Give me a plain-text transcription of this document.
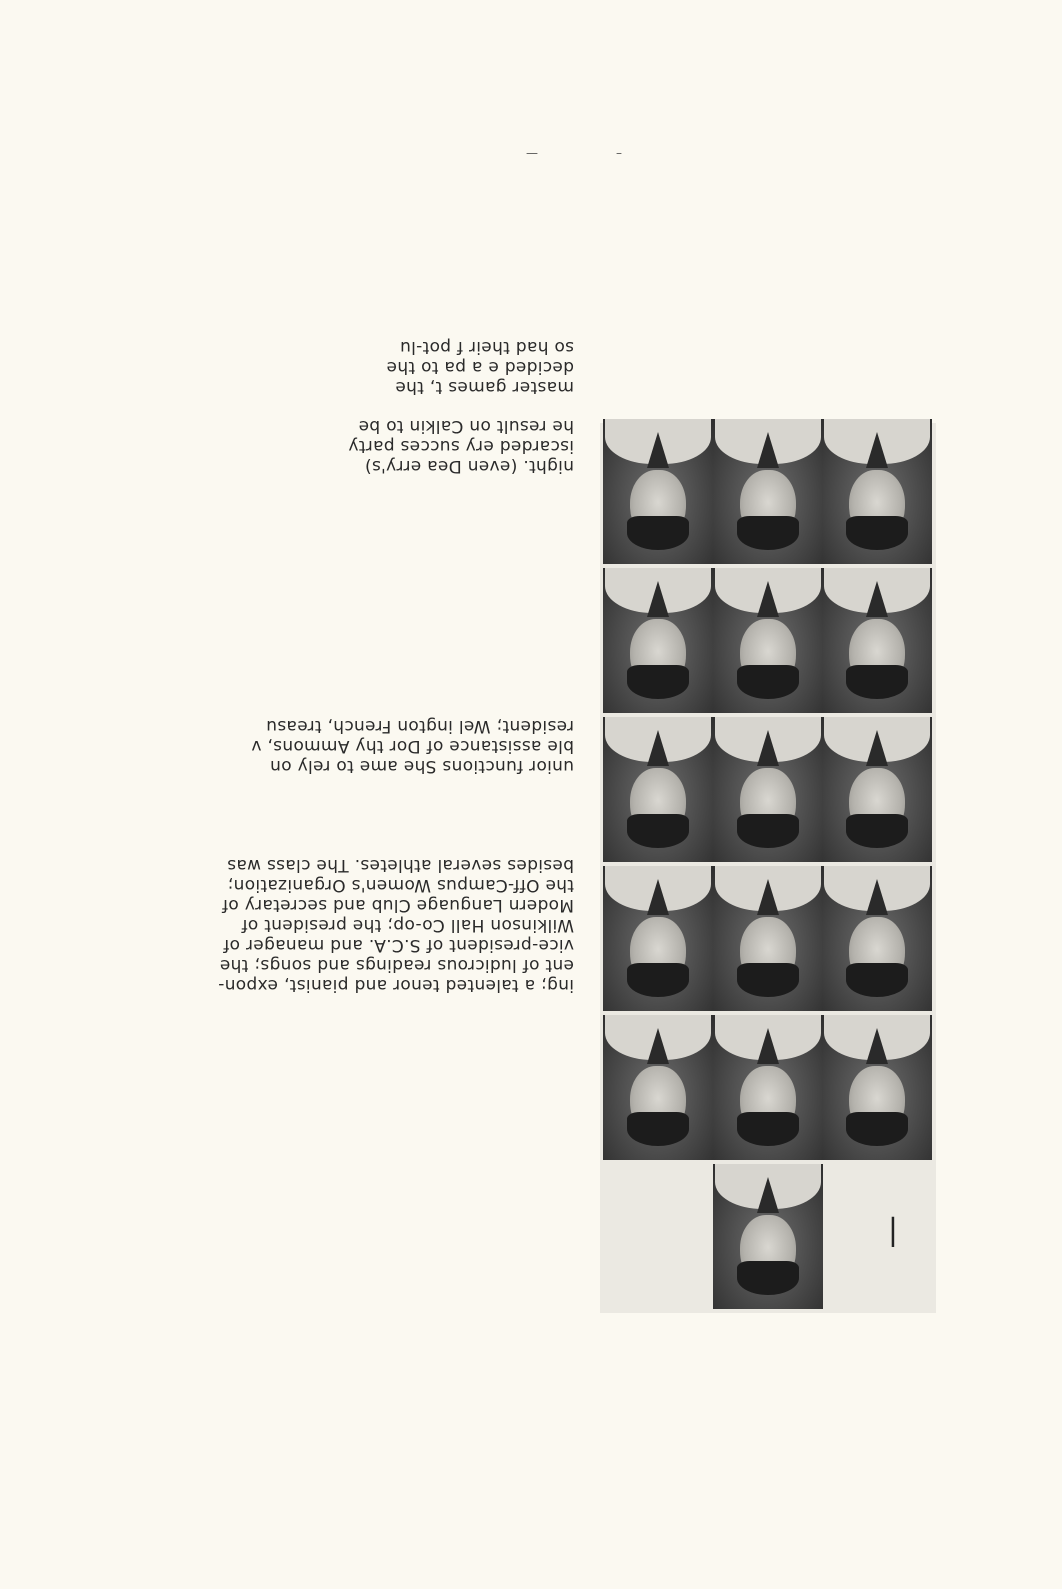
ing; a talented tenor and pianist, expon-

ent of ludicrous readings and songs; the

vice-president of S.C.A. and manager of

Wilkinson Hall Co-op; the president of

Modern Language Club and secretary of

the Off-Campus Women's Organization;

besides several athletes. The class was

unior functions She ame to rely on

ble assistance of Dor thy Ammons, v

resident; Wel ington French, treasu

night. (even Dea erry's)

iscarded ery succes party

he result on Calkin to be

master games t, the

decided e a pa to the

so had their f pot-lu

|
–
—
